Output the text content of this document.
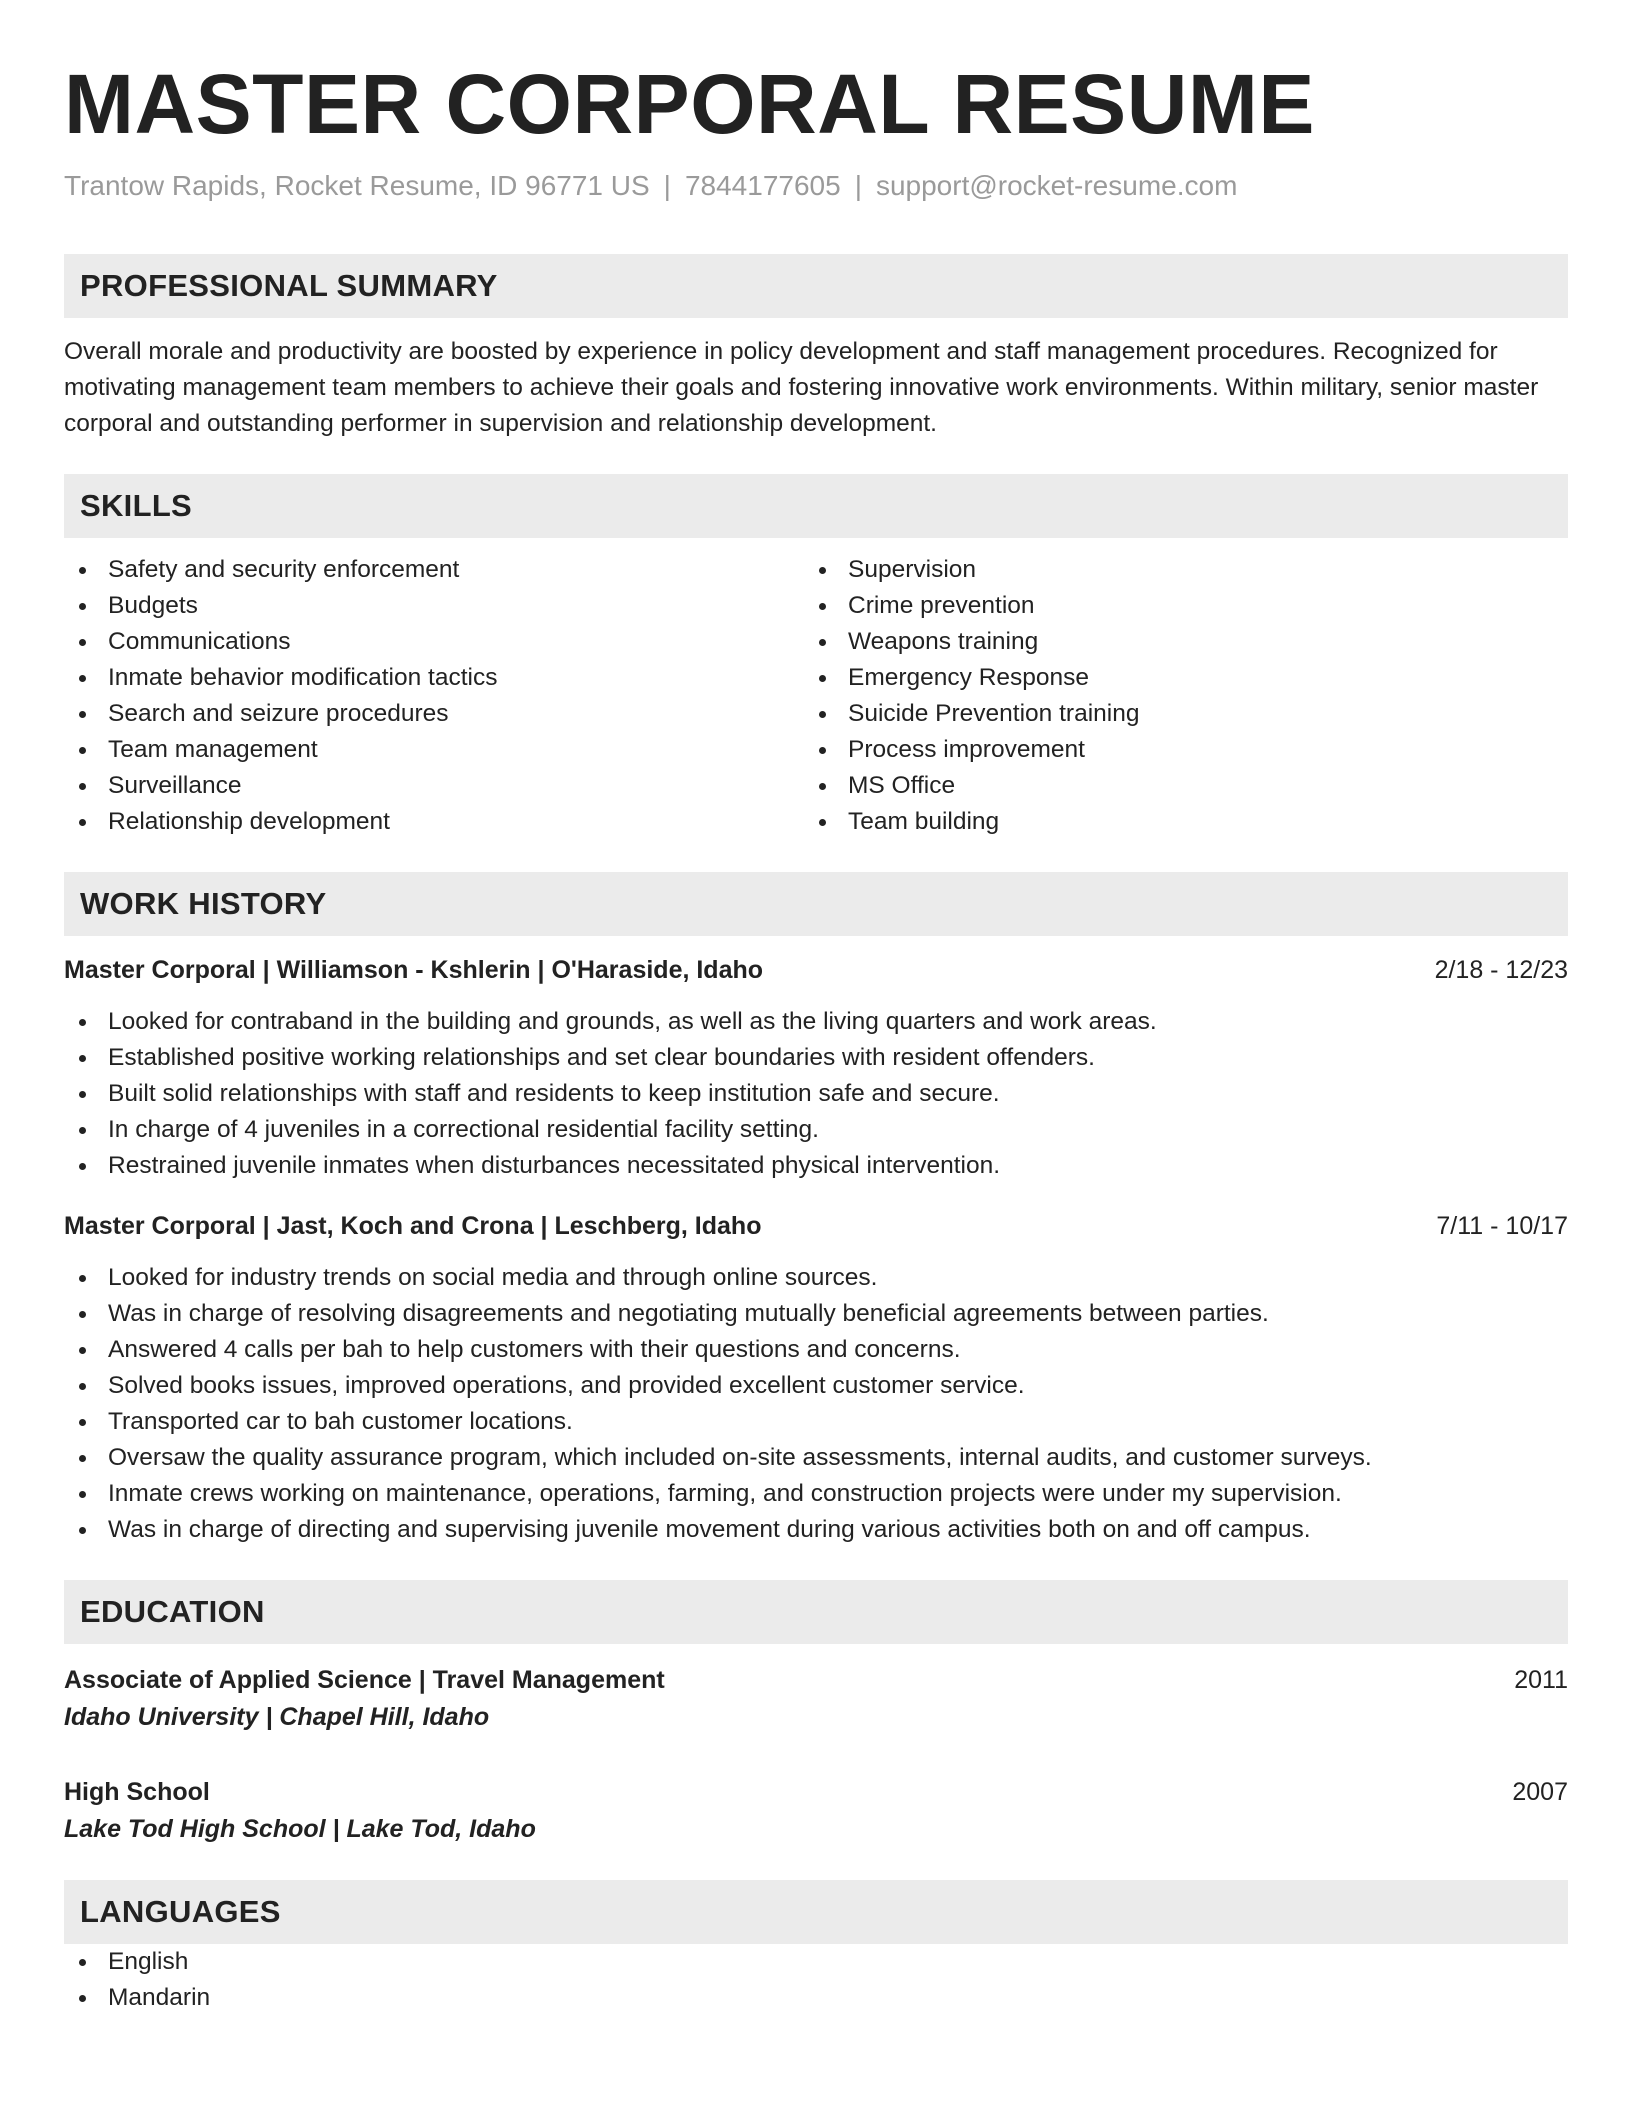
MASTER CORPORAL RESUME
Trantow Rapids, Rocket Resume, ID 96771 US | 7844177605 | support@rocket-resume.com
PROFESSIONAL SUMMARY
Overall morale and productivity are boosted by experience in policy development and staff management procedures. Recognized for motivating management team members to achieve their goals and fostering innovative work environments. Within military, senior master corporal and outstanding performer in supervision and relationship development.
SKILLS
Safety and security enforcement
Budgets
Communications
Inmate behavior modification tactics
Search and seizure procedures
Team management
Surveillance
Relationship development
Supervision
Crime prevention
Weapons training
Emergency Response
Suicide Prevention training
Process improvement
MS Office
Team building
WORK HISTORY
Master Corporal | Williamson - Kshlerin | O'Haraside, Idaho	2/18 - 12/23
Looked for contraband in the building and grounds, as well as the living quarters and work areas.
Established positive working relationships and set clear boundaries with resident offenders.
Built solid relationships with staff and residents to keep institution safe and secure.
In charge of 4 juveniles in a correctional residential facility setting.
Restrained juvenile inmates when disturbances necessitated physical intervention.
Master Corporal | Jast, Koch and Crona | Leschberg, Idaho	7/11 - 10/17
Looked for industry trends on social media and through online sources.
Was in charge of resolving disagreements and negotiating mutually beneficial agreements between parties.
Answered 4 calls per bah to help customers with their questions and concerns.
Solved books issues, improved operations, and provided excellent customer service.
Transported car to bah customer locations.
Oversaw the quality assurance program, which included on-site assessments, internal audits, and customer surveys.
Inmate crews working on maintenance, operations, farming, and construction projects were under my supervision.
Was in charge of directing and supervising juvenile movement during various activities both on and off campus.
EDUCATION
Associate of Applied Science | Travel Management	2011
Idaho University | Chapel Hill, Idaho
High School	2007
Lake Tod High School | Lake Tod, Idaho
LANGUAGES
English
Mandarin
